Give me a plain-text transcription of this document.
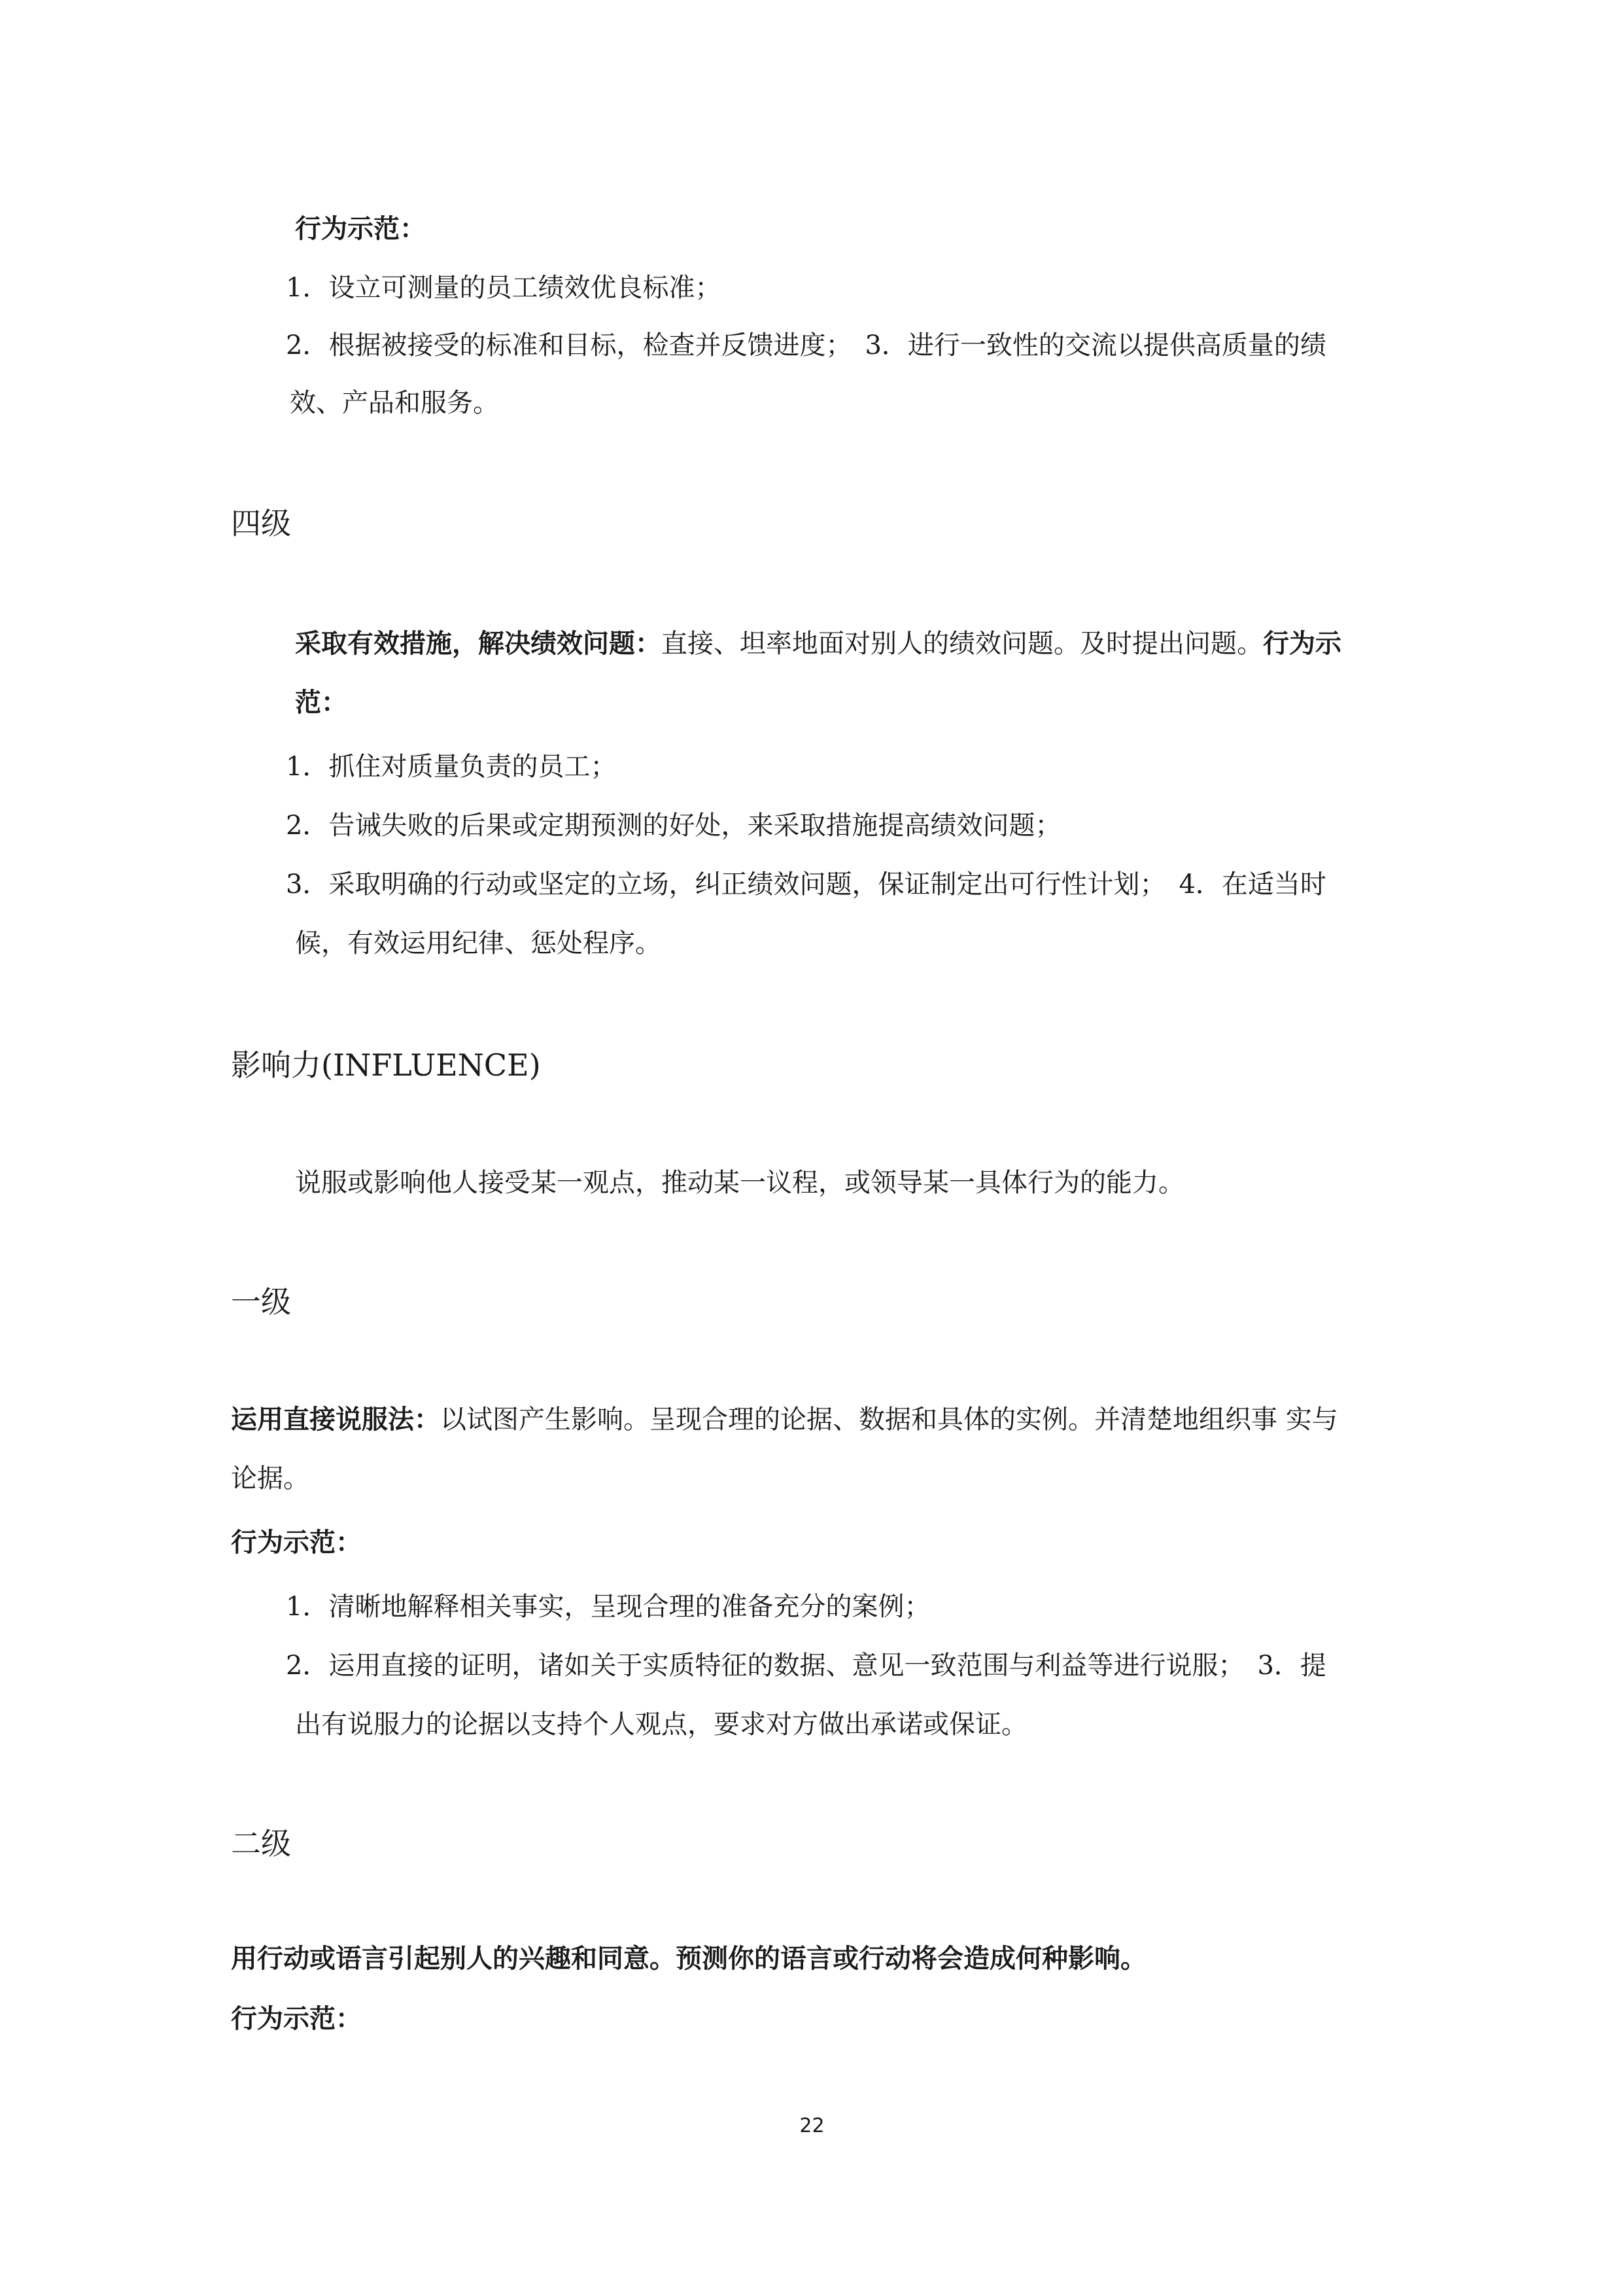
行为示范：
1．设立可测量的员工绩效优良标准；
2．根据被接受的标准和目标，检查并反馈进度；　3．进行一致性的交流以提供高质量的绩
效、产品和服务。
四级
采取有效措施，解决绩效问题：直接、坦率地面对别人的绩效问题。及时提出问题。行为示
范：
1．抓住对质量负责的员工；
2．告诫失败的后果或定期预测的好处，来采取措施提高绩效问题；
3．采取明确的行动或坚定的立场，纠正绩效问题，保证制定出可行性计划；　4．在适当时
候，有效运用纪律、惩处程序。
影响力(INFLUENCE)
说服或影响他人接受某一观点，推动某一议程，或领导某一具体行为的能力。
一级
运用直接说服法：以试图产生影响。呈现合理的论据、数据和具体的实例。并清楚地组织事 实与
论据。
行为示范：
1．清晰地解释相关事实，呈现合理的准备充分的案例；
2．运用直接的证明，诸如关于实质特征的数据、意见一致范围与利益等进行说服；　3．提
出有说服力的论据以支持个人观点，要求对方做出承诺或保证。
二级
用行动或语言引起别人的兴趣和同意。预测你的语言或行动将会造成何种影响。
行为示范：
22
